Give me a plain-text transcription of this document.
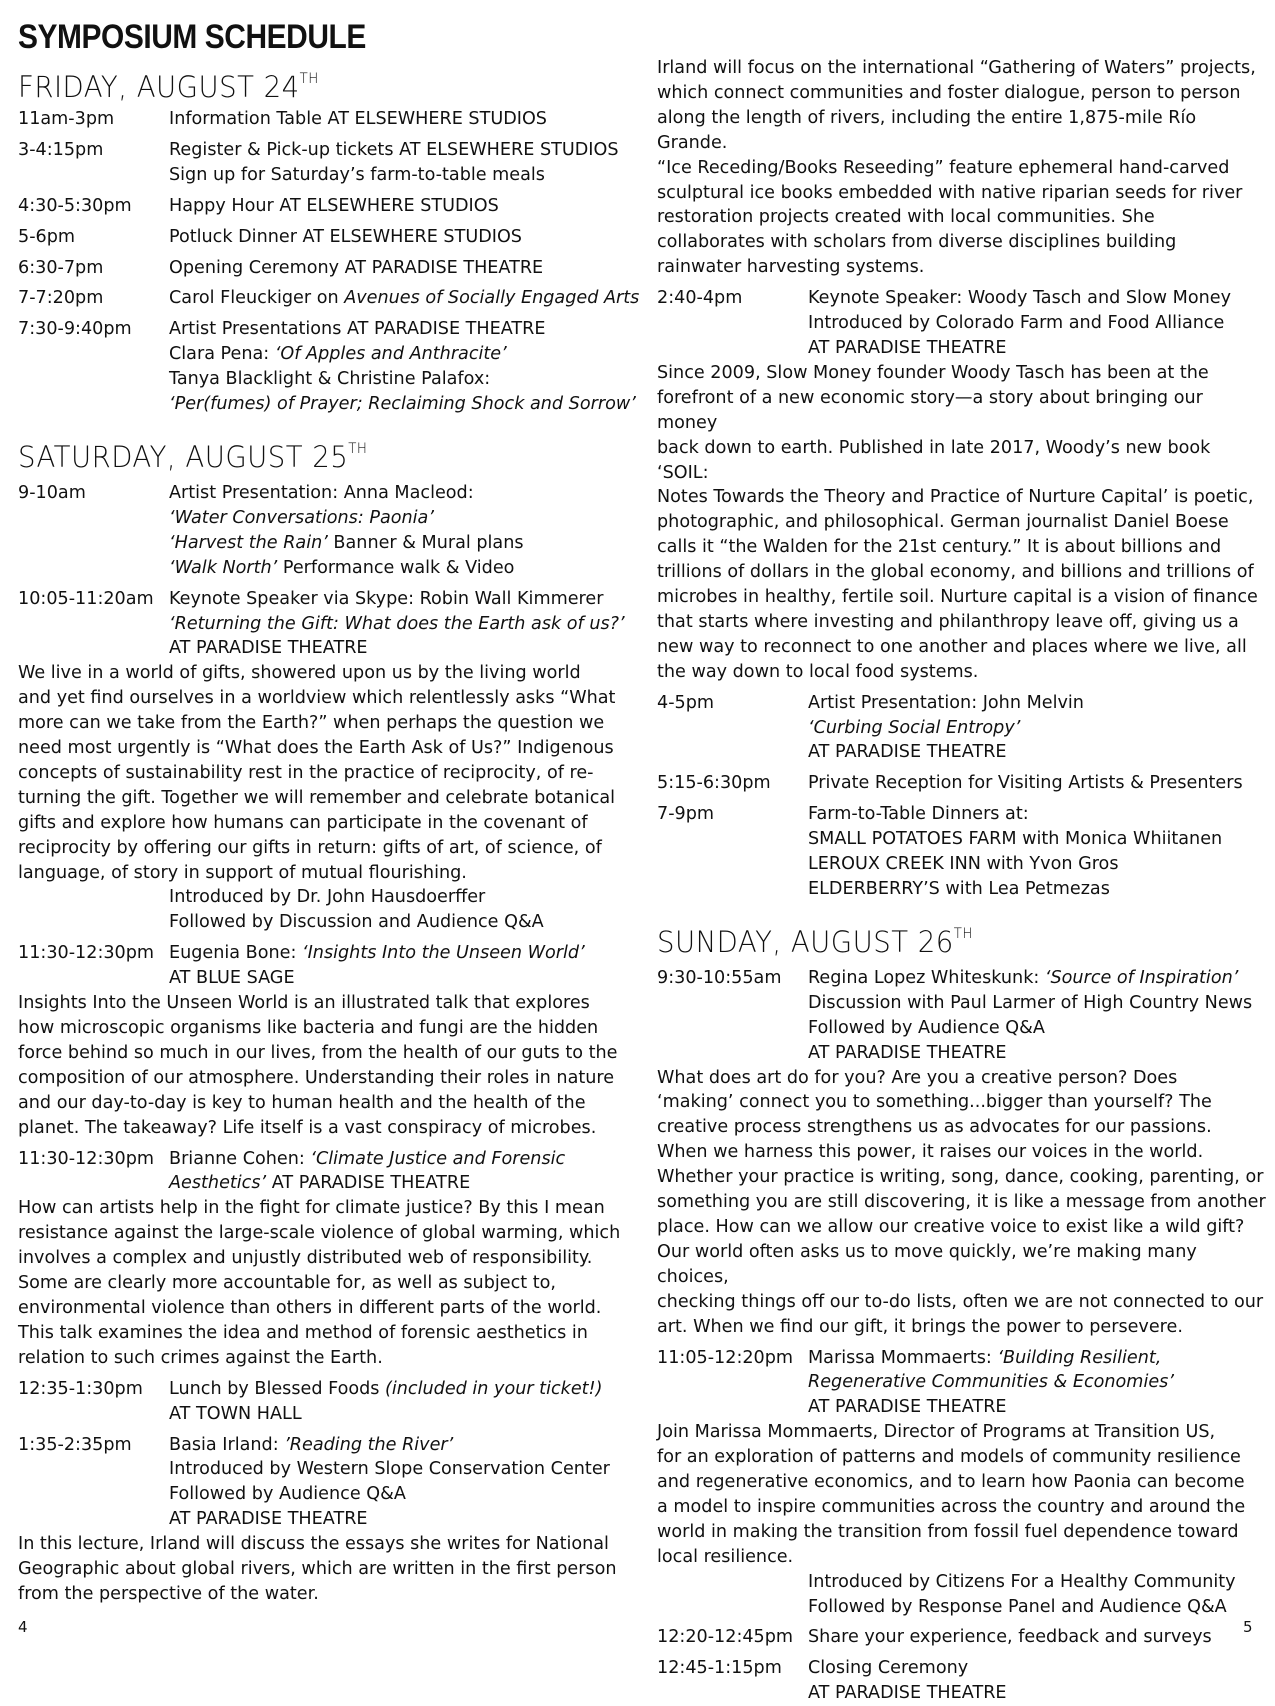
SYMPOSIUM SCHEDULE
FRIDAY, AUGUST 24TH
11am-3pm	Information Table AT ELSEWHERE STUDIOS
3-4:15pm	Register & Pick-up tickets AT ELSEWHERE STUDIOS
Sign up for Saturday’s farm-to-table meals
4:30-5:30pm	Happy Hour AT ELSEWHERE STUDIOS
5-6pm	Potluck Dinner AT ELSEWHERE STUDIOS
6:30-7pm	Opening Ceremony AT PARADISE THEATRE
7-7:20pm	Carol Fleuckiger on Avenues of Socially Engaged Arts
7:30-9:40pm	Artist Presentations AT PARADISE THEATRE
Clara Pena: ‘Of Apples and Anthracite’
Tanya Blacklight & Christine Palafox:
‘Per(fumes) of Prayer; Reclaiming Shock and Sorrow’
SATURDAY, AUGUST 25TH
9-10am	Artist Presentation: Anna Macleod:
‘Water Conversations: Paonia’
‘Harvest the Rain’ Banner & Mural plans
‘Walk North’ Performance walk & Video
10:05-11:20am Keynote Speaker via Skype: Robin Wall Kimmerer
‘Returning the Gift: What does the Earth ask of us?’
AT PARADISE THEATRE
We live in a world of gifts, showered upon us by the living world
and yet find ourselves in a worldview which relentlessly asks “What
more can we take from the Earth?” when perhaps the question we
need most urgently is “What does the Earth Ask of Us?” Indigenous
concepts of sustainability rest in the practice of reciprocity, of re-
turning the gift. Together we will remember and celebrate botanical
gifts and explore how humans can participate in the covenant of
reciprocity by offering our gifts in return: gifts of art, of science, of
language, of story in support of mutual flourishing.
Introduced by Dr. John Hausdoerffer
Followed by Discussion and Audience Q&A
11:30-12:30pm Eugenia Bone: ‘Insights Into the Unseen World’
AT BLUE SAGE
Insights Into the Unseen World is an illustrated talk that explores
how microscopic organisms like bacteria and fungi are the hidden
force behind so much in our lives, from the health of our guts to the
composition of our atmosphere. Understanding their roles in nature
and our day-to-day is key to human health and the health of the
planet. The takeaway? Life itself is a vast conspiracy of microbes.
11:30-12:30pm Brianne Cohen: ‘Climate Justice and Forensic
Aesthetics’ AT PARADISE THEATRE
How can artists help in the fight for climate justice? By this I mean
resistance against the large-scale violence of global warming, which
involves a complex and unjustly distributed web of responsibility.
Some are clearly more accountable for, as well as subject to,
environmental violence than others in different parts of the world.
This talk examines the idea and method of forensic aesthetics in
relation to such crimes against the Earth.
12:35-1:30pm	Lunch by Blessed Foods (included in your ticket!)
AT TOWN HALL
1:35-2:35pm	Basia Irland: ’Reading the River’
Introduced by Western Slope Conservation Center
Followed by Audience Q&A
AT PARADISE THEATRE
In this lecture, Irland will discuss the essays she writes for National
Geographic about global rivers, which are written in the first person
from the perspective of the water.
4
Irland will focus on the international “Gathering of Waters” projects,
which connect communities and foster dialogue, person to person
along the length of rivers, including the entire 1,875-mile Río Grande.
“Ice Receding/Books Reseeding” feature ephemeral hand-carved
sculptural ice books embedded with native riparian seeds for river
restoration projects created with local communities. She
collaborates with scholars from diverse disciplines building
rainwater harvesting systems.
2:40-4pm	Keynote Speaker: Woody Tasch and Slow Money
Introduced by Colorado Farm and Food Alliance
AT PARADISE THEATRE
Since 2009, Slow Money founder Woody Tasch has been at the
forefront of a new economic story—a story about bringing our money
back down to earth. Published in late 2017, Woody’s new book ‘SOIL:
Notes Towards the Theory and Practice of Nurture Capital’ is poetic,
photographic, and philosophical. German journalist Daniel Boese
calls it “the Walden for the 21st century.” It is about billions and
trillions of dollars in the global economy, and billions and trillions of
microbes in healthy, fertile soil. Nurture capital is a vision of finance
that starts where investing and philanthropy leave off, giving us a
new way to reconnect to one another and places where we live, all
the way down to local food systems.
4-5pm	Artist Presentation: John Melvin
‘Curbing Social Entropy’
AT PARADISE THEATRE
5:15-6:30pm	Private Reception for Visiting Artists & Presenters
7-9pm	Farm-to-Table Dinners at:
SMALL POTATOES FARM with Monica Whiitanen
LEROUX CREEK INN with Yvon Gros
ELDERBERRY’S with Lea Petmezas
SUNDAY, AUGUST 26TH
9:30-10:55am	Regina Lopez Whiteskunk: ‘Source of Inspiration’
Discussion with Paul Larmer of High Country News
Followed by Audience Q&A
AT PARADISE THEATRE
What does art do for you? Are you a creative person? Does
‘making’ connect you to something...bigger than yourself? The
creative process strengthens us as advocates for our passions.
When we harness this power, it raises our voices in the world.
Whether your practice is writing, song, dance, cooking, parenting, or
something you are still discovering, it is like a message from another
place. How can we allow our creative voice to exist like a wild gift?
Our world often asks us to move quickly, we’re making many choices,
checking things off our to-do lists, often we are not connected to our
art. When we find our gift, it brings the power to persevere.
11:05-12:20pm Marissa Mommaerts: ‘Building Resilient,
Regenerative Communities & Economies’
AT PARADISE THEATRE
Join Marissa Mommaerts, Director of Programs at Transition US,
for an exploration of patterns and models of community resilience
and regenerative economics, and to learn how Paonia can become
a model to inspire communities across the country and around the
world in making the transition from fossil fuel dependence toward
local resilience.
Introduced by Citizens For a Healthy Community
Followed by Response Panel and Audience Q&A
12:20-12:45pm Share your experience, feedback and surveys
12:45-1:15pm	Closing Ceremony
AT PARADISE THEATRE
5
